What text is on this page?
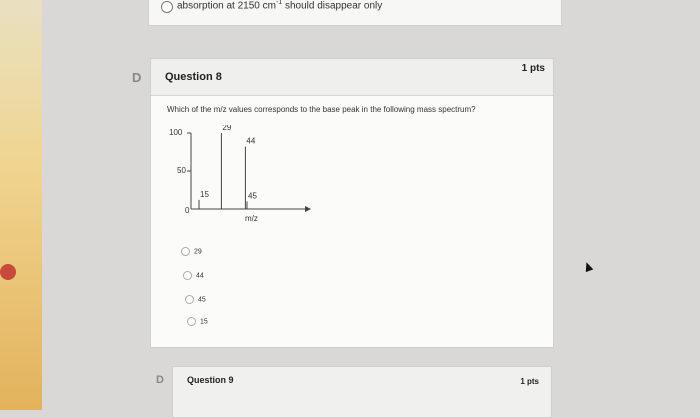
absorption at 2150 $cm^{-1}$ should disappear only
D Question 8
1 pts
Which of the m/z values corresponds to the base peak in the following mass spectrum?
100
50
0
15
29
44
45
m/z
29
44
45
15
D	Question 9	1 pts
